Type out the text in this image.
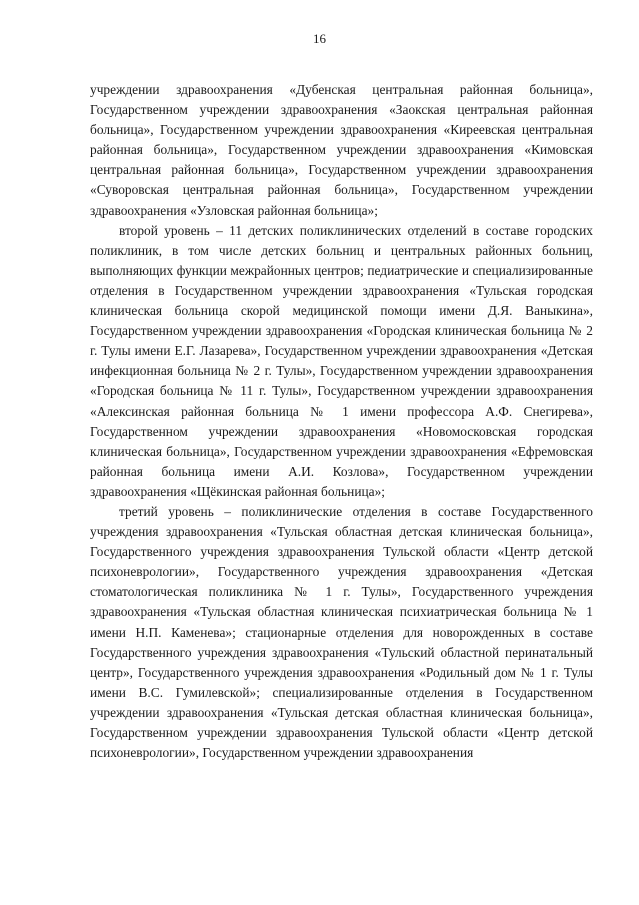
16

учреждении здравоохранения «Дубенская центральная районная больница», Государственном учреждении здравоохранения «Заокская центральная районная больница», Государственном учреждении здравоохранения «Киреевская центральная районная больница», Государственном учреждении здравоохранения «Кимовская центральная районная больница», Государственном учреждении здравоохранения «Суворовская центральная районная больница», Государственном учреждении здравоохранения «Узловская районная больница»;

второй уровень – 11 детских поликлинических отделений в составе городских поликлиник, в том числе детских больниц и центральных районных больниц, выполняющих функции межрайонных центров; педиатрические и специализированные отделения в Государственном учреждении здравоохранения «Тульская городская клиническая больница скорой медицинской помощи имени Д.Я. Ваныкина», Государственном учреждении здравоохранения «Городская клиническая больница № 2 г. Тулы имени Е.Г. Лазарева», Государственном учреждении здравоохранения «Детская инфекционная больница № 2 г. Тулы», Государственном учреждении здравоохранения «Городская больница № 11 г. Тулы», Государственном учреждении здравоохранения «Алексинская районная больница № 1 имени профессора А.Ф. Снегирева», Государственном учреждении здравоохранения «Новомосковская городская клиническая больница», Государственном учреждении здравоохранения «Ефремовская районная больница имени А.И. Козлова», Государственном учреждении здравоохранения «Щёкинская районная больница»;

третий уровень – поликлинические отделения в составе Государственного учреждения здравоохранения «Тульская областная детская клиническая больница», Государственного учреждения здравоохранения Тульской области «Центр детской психоневрологии», Государственного учреждения здравоохранения «Детская стоматологическая поликлиника № 1 г. Тулы», Государственного учреждения здравоохранения «Тульская областная клиническая психиатрическая больница № 1 имени Н.П. Каменева»; стационарные отделения для новорожденных в составе Государственного учреждения здравоохранения «Тульский областной перинатальный центр», Государственного учреждения здравоохранения «Родильный дом № 1 г. Тулы имени В.С. Гумилевской»; специализированные отделения в Государственном учреждении здравоохранения «Тульская детская областная клиническая больница», Государственном учреждении здравоохранения Тульской области «Центр детской психоневрологии», Государственном учреждении здравоохранения
